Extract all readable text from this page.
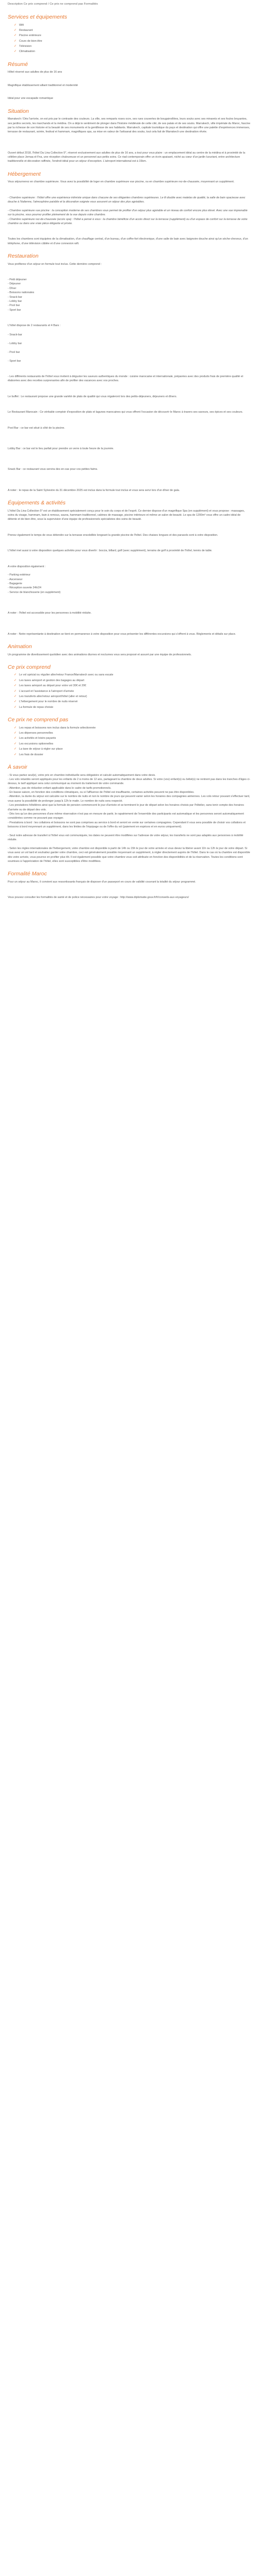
Description Ce prix comprend / Ce prix ne comprend pas Formalités
Services et équipements
✓ Wifi
✓ Restaurant
✓ Piscine extérieure
✓ Cours de bien-être
✓ Télévision
✓ Climatisation
Résumé

Hôtel réservé aux adultes de plus de 16 ans

Magnifique établissement alliant traditionnel et modernité

Idéal pour une escapade romantique

Situation

Marrakech / Dès l'arrivée, on est pris par le contraste des couleurs. La ville, ses remparts roses ocre, ses rues couvertes de bougainvillées, leurs souks avec ses minarets et ses foules bruyantes, ses jardins secrets, les marchands et la médina. On a déjà le sentiment de plonger dans l'histoire médiévale de cette cité, de ses palais et de ses souks. Marrakech, ville impériale du Maroc, fascine par la richesse de son histoire et la beauté de ses monuments et la gentillesse de ses habitants. Marrakech, capitale touristique du pays et destination qui offre une palette d'expériences immenses, terrasse de restaurant, soirée, festival et hammam, magnifiques spa, sa mise en valeur de l'artisanat des souks, tout cela fait de Marrakech une destination rêvée.

Ouvert début 2018, l'hôtel Da Lina Collection 5*, réservé exclusivement aux adultes de plus de 16 ans, a tout pour vous plaire : un emplacement idéal au centre de la médina et à proximité de la célèbre place Jemaa el-Fna, une réception chaleureuse et un personnel aux petits soins. Ce riad contemporain offre un écrin apaisant, niché au cœur d'un jardin luxuriant, entre architecture traditionnelle et décoration raffinée, l'endroit idéal pour un séjour d'exception. L'aéroport international est à 15km.

Hébergement

Vous séjournerez en chambre supérieure. Vous avez la possibilité de loger en chambre supérieure vue piscine, ou en chambre supérieure rez-de-chaussée, moyennant un supplément.

- Chambre supérieure : l'hôtel offre une expérience intimiste unique dans chacune de ses élégantes chambres supérieures. Le lit double avec matelas de qualité, la salle de bain spacieuse avec douche à l'italienne, l'atmosphère paisible et la décoration soignée vous assurent un séjour des plus agréables.

- Chambre supérieure vue piscine : la conception moderne de ses chambres vous permet de profiter d'un séjour plus agréable et un niveau de confort encore plus élevé. Avec une vue imprenable sur la piscine, vous pourrez profiter pleinement de la vue depuis votre chambre.
- Chambre supérieure rez-de-chaussée (accès spa) : l'hôtel a pensé à vous : la chambre bénéficie d'un accès direct sur la terrasse (supplément) ou d'un espace de confort sur la terrasse de votre chambre ou dans une vraie pièce élégante et privée.

Toutes les chambres sont équipées de la climatisation, d'un chauffage central, d'un bureau, d'un coffre-fort électronique, d'une salle de bain avec baignoire douche ainsi qu'un sèche-cheveux, d'un téléphone, d'une télévision câblée et d'une connexion wifi.

Restauration

Vous profiterez d'un séjour en formule tout inclus. Cette dernière comprend :

- Petit déjeuner
- Déjeuner
- Dîner
- Boissons nationales
- Snack-bar
- Lobby bar
- Pool bar
- Sport bar

L'hôtel dispose de 2 restaurants et 4 Bars :

- Snack-bar

- Lobby bar

- Pool bar

- Sport bar

- Les différents restaurants de l'hôtel vous invitent à déguster les saveurs authentiques du monde : cuisine marocaine et internationale, préparées avec des produits frais de première qualité et élaborées avec des recettes surprenantes afin de profiter des vacances avec vos proches.

Le buffet : Le restaurant propose une grande variété de plats de qualité qui vous régaleront lors des petits-déjeuners, déjeuners et dîners.

Le Restaurant Marocain : Ce véritable comptoir d'exposition de plats et lagunes marocaines qui vous offrent l'occasion de découvrir le Maroc à travers ses saveurs, ses épices et ses couleurs.

Pool Bar : ce bar est situé à côté de la piscine.

Lobby Bar : ce bar est le lieu parfait pour prendre un verre à toute heure de la journée.

Snack Bar : ce restaurant vous servira des en-cas pour vos petites faims.

A noter : le repas de la Saint Sylvestre du 31 décembre 2025 est inclus dans la formule tout inclus et vous sera servi lors d'un dîner de gala.

Équipements & activités

L'hôtel Da Lina Collection 5* est un établissement spécialement conçu pour le soin du corps et de l'esprit. Ce dernier dispose d'un magnifique Spa (en supplément) et vous propose : massages, soins du visage, hammam, bain à remous, sauna, hammam traditionnel, cabines de massage, piscine intérieure et même un salon de beauté. Le spa de 1200m² vous offre un cadre idéal de détente et de bien-être, sous la supervision d'une équipe de professionnels spécialistes des soins de beauté.

Prenez également le temps de vous détendre sur la terrasse ensoleillée longeant la grande piscine de l'hôtel. Des chaises longues et des parasols sont à votre disposition.

L'hôtel met aussi à votre disposition quelques activités pour vous divertir : boccia, billard, golf (avec supplément), terrains de golf à proximité de l'hôtel, tennis de table.

A votre disposition également :

- Parking extérieur
- Ascenseur
- Bagagerie
- Réception ouverte 24h/24
- Service de blanchisserie (en supplément)

A noter : l'hôtel est accessible pour les personnes à mobilité réduite.

A noter : Notre représentante à destination se tient en permanence à votre disposition pour vous présenter les différentes excursions qui s'offrent à vous. Règlements et détails sur place.

Animation

Un programme de divertissement quotidien avec des animations diurnes et nocturnes vous sera proposé et assuré par une équipe de professionnels.

Ce prix comprend
✓ Le vol spécial ou régulier aller/retour France/Marrakech avec ou sans escale
✓ Les taxes aéroport et gestion des bagages au départ
✓ Les taxes aéroport au départ pour votre vol 30€ et 20€
✓ L'accueil et l'assistance à l'aéroport d'arrivée
✓ Les transferts aller/retour aéroport/hôtel (aller et retour)
✓ L'hébergement pour le nombre de nuits réservé
✓ La formule de repas choisie
Ce prix ne comprend pas
✓ Les repas et boissons non inclus dans la formule sélectionnée
✓ Les dépenses personnelles
✓ Les activités et loisirs payants
✓ Les excursions optionnelles
✓ La taxe de séjour à régler sur place
✓ Les frais de dossier
À savoir

- Si vous partez seul(e), votre prix en chambre individuelle sera obligatoire et calculé automatiquement dans votre devis.
- Les vols retardés seront appliqués pour les enfants de 2 à moins de 12 ans, partageant la chambre de deux adultes. Si votre (vos) enfant(s) ou bébé(s) ne rentrent pas dans les tranches d'âges ci-dessus, le tarif appliqué sera celui communiqué au moment du traitement de votre commande.
- Attention, pas de réduction enfant applicable dans le cadre de tarifs promotionnels.
- En basse saison, en fonction des conditions climatiques, ou si l'affluence de l'hôtel est insuffisante, certaines activités peuvent ne pas être disponibles.
- Attention, la durée du séjour est calculée sur le nombre de nuits et non le nombre de jours qui peuvent varier selon les horaires des compagnies aériennes. Les vols retour pouvant s'effectuer tard, vous aurez la possibilité de prolonger jusqu'à 12h le matin. Le nombre de nuits sera respecté.
- Les prestations hôtelières ainsi que la formule de pension commencent le jour d'arrivée et se terminent le jour de départ selon les horaires choisis par l'hôtelier, sans tenir compte des horaires d'arrivée ou de départ des vols.
- Dès lors qu'un des personnes d'une même réservation n'est pas en mesure de partir, le rapatriement de l'ensemble des participants est automatique et les personnes seront automatiquement considérées comme ne pouvant pas voyager.
- Prestations à bord : les collations et boissons ne sont pas comprises au service à bord et seront en vente sur certaines compagnies. Cependant il vous sera possible de choisir vos collations et boissons à bord moyennant un supplément, dans les limites de l'équipage ou de l'offre du vol (paiement en espèces et en euros uniquement).

- Seul notre adresse de transfert à l'hôtel vous est communiquée, les dates ne peuvent être modifiées sur l'adresse de votre séjour, les transferts ne sont pas adaptés aux personnes à mobilité réduite.

- Selon les règles internationales de l'hébergement, votre chambre est disponible à partir de 14h ou 15h le jour de votre arrivée et vous devez la libérer avant 11h ou 12h le jour de votre départ. Si vous avez un vol tard et souhaitez garder votre chambre, ceci est généralement possible moyennant un supplément, à régler directement auprès de l'hôtel. Dans le cas où la chambre est disponible dès votre arrivée, vous pourrez en profiter plus tôt. Il est également possible que votre chambre vous soit attribuée en fonction des disponibilités et de la réservation. Toutes les conditions sont soumises à l'appréciation de l'hôtel, elles sont susceptibles d'être modifiées.

Formalité Maroc

Pour un séjour au Maroc, il convient aux ressortissants français de disposer d'un passeport en cours de validité couvrant la totalité du séjour programmé.

Vous pouvez consulter les formalités de santé et de police nécessaires pour votre voyage : http://www.diplomatie.gouv.fr/fr/conseils-aux-voyageurs/
